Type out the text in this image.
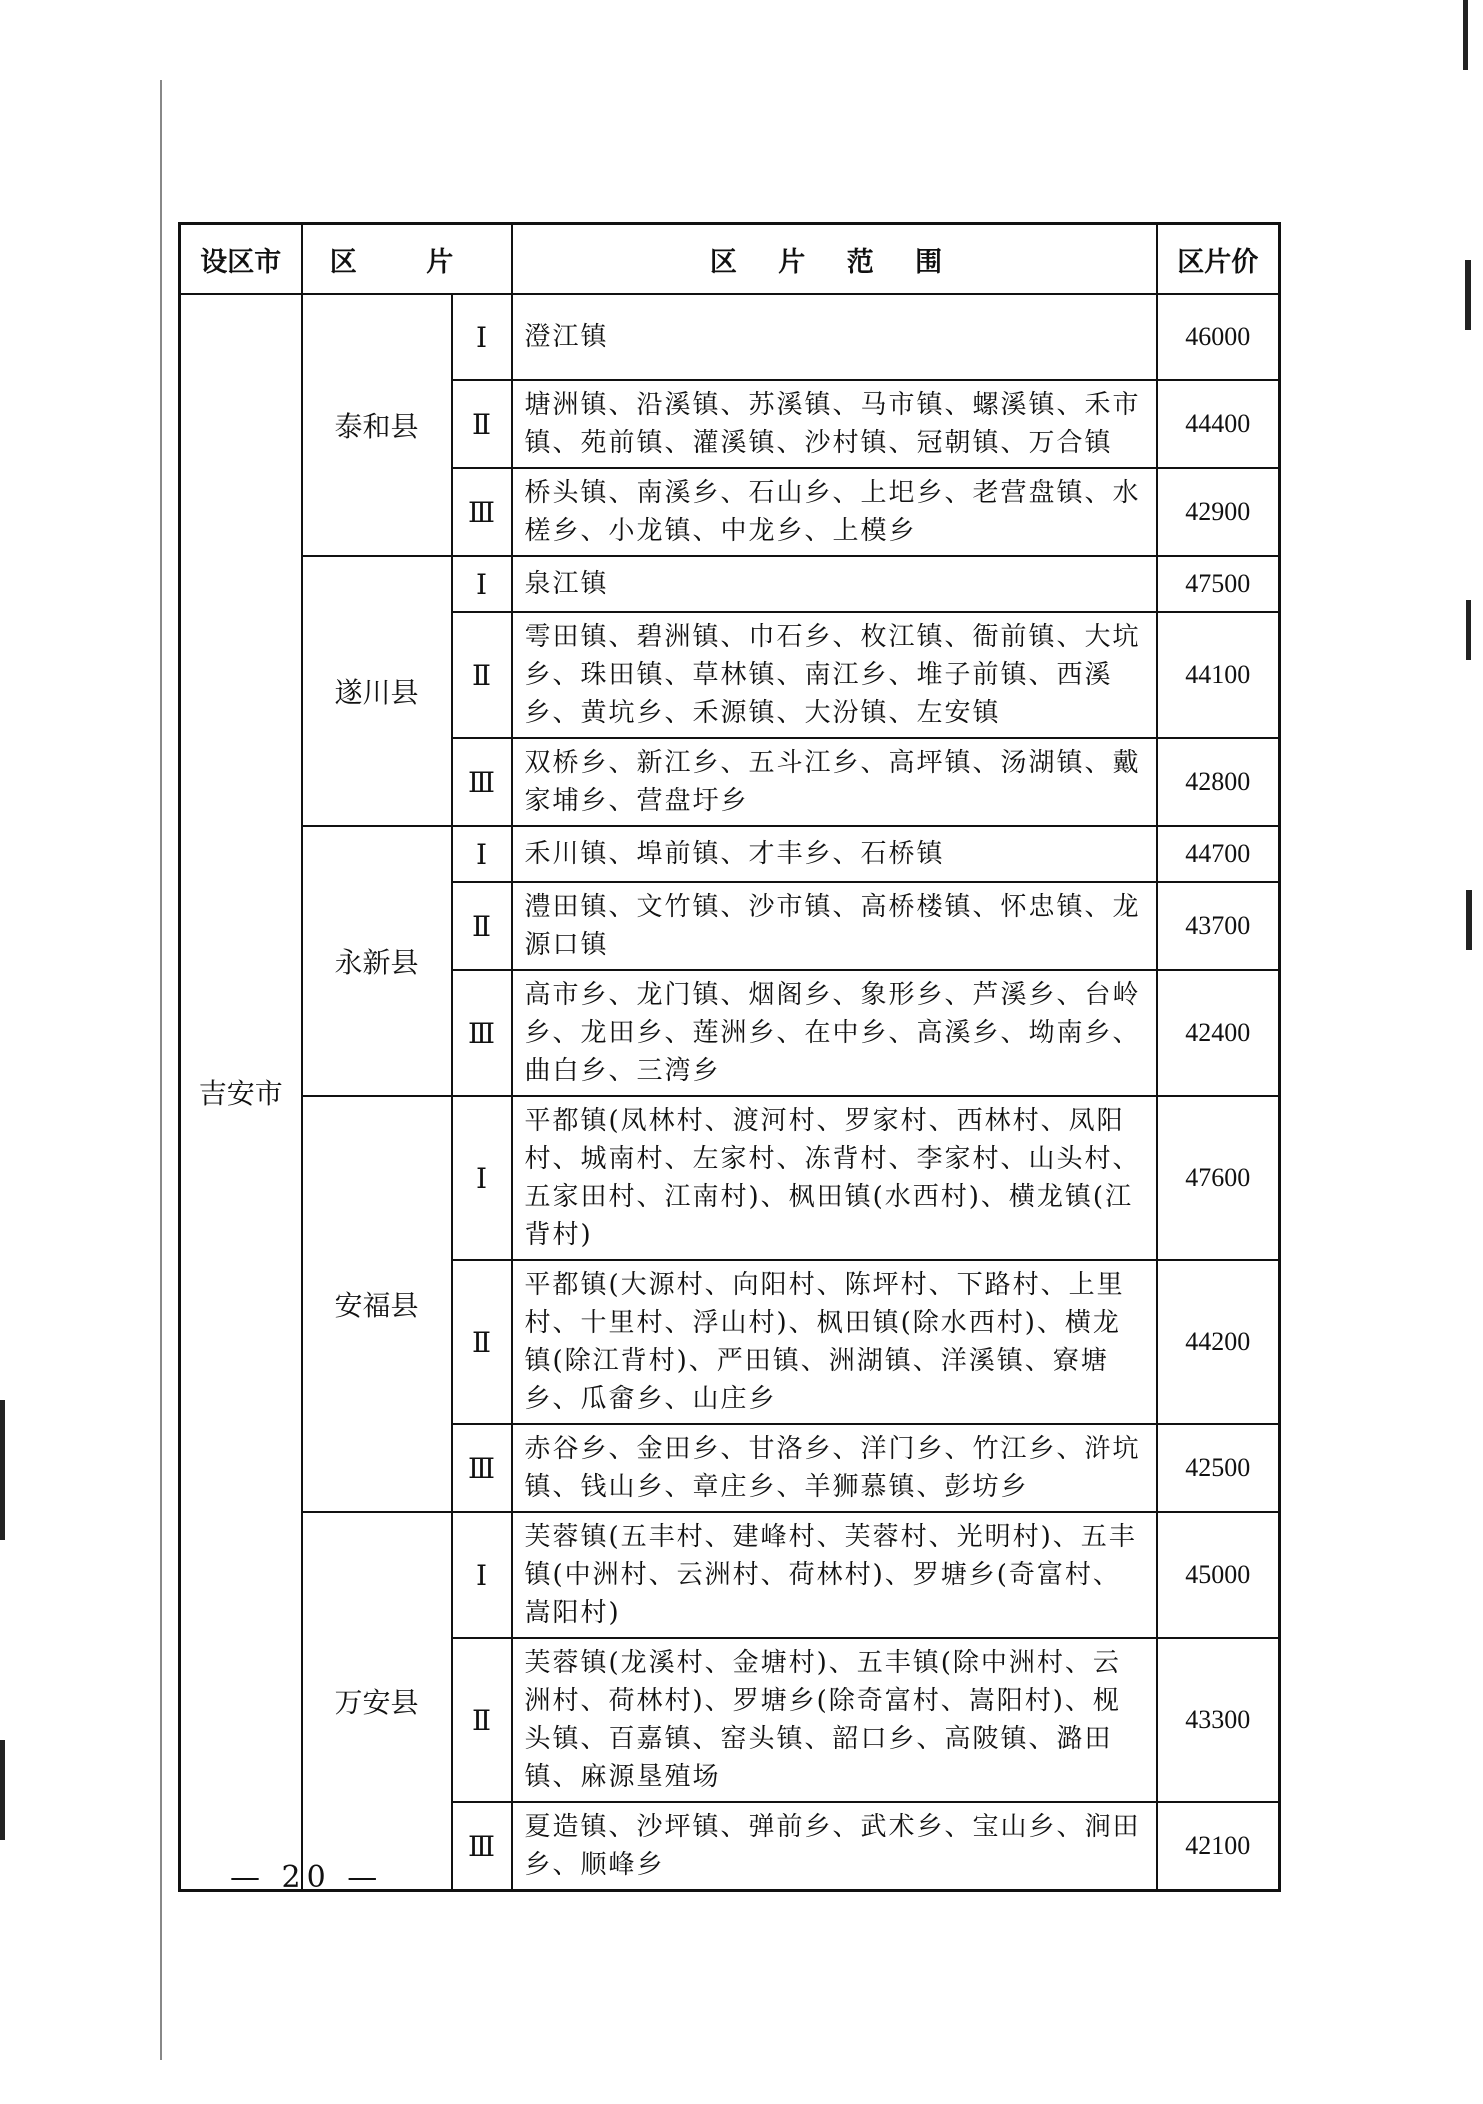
设区市	区 片		区 片 范 围	区片价
吉安市	泰和县	Ⅰ	澄江镇	46000
		Ⅱ	塘洲镇、沿溪镇、苏溪镇、马市镇、螺溪镇、禾市镇、苑前镇、灌溪镇、沙村镇、冠朝镇、万合镇	44400
		Ⅲ	桥头镇、南溪乡、石山乡、上圯乡、老营盘镇、水槎乡、小龙镇、中龙乡、上模乡	42900
	遂川县	Ⅰ	泉江镇	47500
		Ⅱ	雩田镇、碧洲镇、巾石乡、枚江镇、衙前镇、大坑乡、珠田镇、草林镇、南江乡、堆子前镇、西溪乡、黄坑乡、禾源镇、大汾镇、左安镇	44100
		Ⅲ	双桥乡、新江乡、五斗江乡、高坪镇、汤湖镇、戴家埔乡、营盘圩乡	42800
	永新县	Ⅰ	禾川镇、埠前镇、才丰乡、石桥镇	44700
		Ⅱ	澧田镇、文竹镇、沙市镇、高桥楼镇、怀忠镇、龙源口镇	43700
		Ⅲ	高市乡、龙门镇、烟阁乡、象形乡、芦溪乡、台岭乡、龙田乡、莲洲乡、在中乡、高溪乡、坳南乡、曲白乡、三湾乡	42400
	安福县	Ⅰ	平都镇(凤林村、渡河村、罗家村、西林村、凤阳村、城南村、左家村、冻背村、李家村、山头村、五家田村、江南村)、枫田镇(水西村)、横龙镇(江背村)	47600
		Ⅱ	平都镇(大源村、向阳村、陈坪村、下路村、上里村、十里村、浮山村)、枫田镇(除水西村)、横龙镇(除江背村)、严田镇、洲湖镇、洋溪镇、寮塘乡、瓜畲乡、山庄乡	44200
		Ⅲ	赤谷乡、金田乡、甘洛乡、洋门乡、竹江乡、浒坑镇、钱山乡、章庄乡、羊狮慕镇、彭坊乡	42500
	万安县	Ⅰ	芙蓉镇(五丰村、建峰村、芙蓉村、光明村)、五丰镇(中洲村、云洲村、荷林村)、罗塘乡(奇富村、嵩阳村)	45000
		Ⅱ	芙蓉镇(龙溪村、金塘村)、五丰镇(除中洲村、云洲村、荷林村)、罗塘乡(除奇富村、嵩阳村)、枧头镇、百嘉镇、窑头镇、韶口乡、高陂镇、潞田镇、麻源垦殖场	43300
		Ⅲ	夏造镇、沙坪镇、弹前乡、武术乡、宝山乡、涧田乡、顺峰乡	42100
— 20 —
